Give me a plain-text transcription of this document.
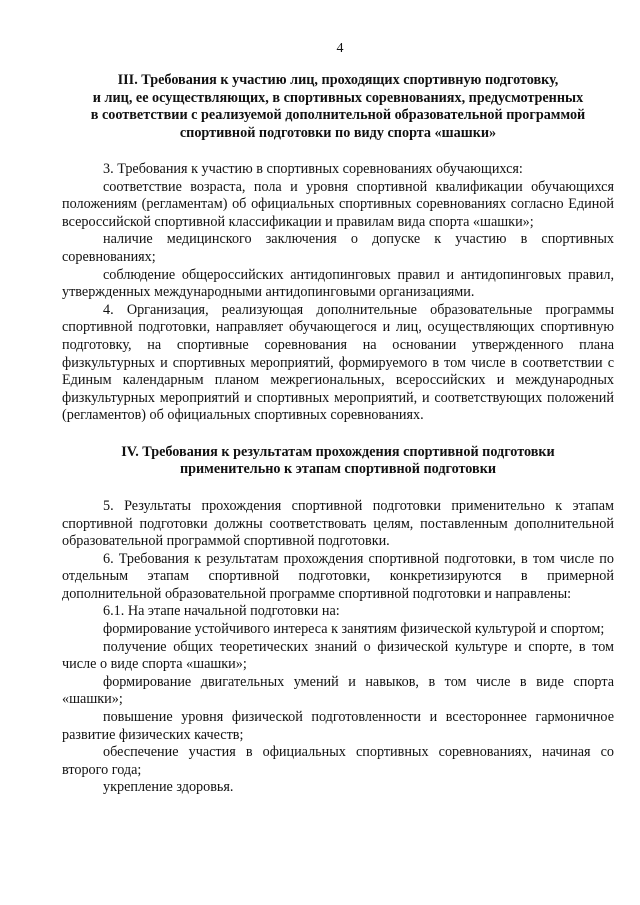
4
III. Требования к участию лиц, проходящих спортивную подготовку,
и лиц, ее осуществляющих, в спортивных соревнованиях, предусмотренных
в соответствии с реализуемой дополнительной образовательной программой
спортивной подготовки по виду спорта «шашки»

3. Требования к участию в спортивных соревнованиях обучающихся:

соответствие возраста, пола и уровня спортивной квалификации обучающихся положениям (регламентам) об официальных спортивных соревнованиях согласно Единой всероссийской спортивной классификации и правилам вида спорта «шашки»;

наличие медицинского заключения о допуске к участию в спортивных соревнованиях;

соблюдение общероссийских антидопинговых правил и антидопинговых правил, утвержденных международными антидопинговыми организациями.

4. Организация, реализующая дополнительные образовательные программы спортивной подготовки, направляет обучающегося и лиц, осуществляющих спортивную подготовку, на спортивные соревнования на основании утвержденного плана физкультурных и спортивных мероприятий, формируемого в том числе в соответствии с Единым календарным планом межрегиональных, всероссийских и международных физкультурных мероприятий и спортивных мероприятий, и соответствующих положений (регламентов) об официальных спортивных соревнованиях.

IV. Требования к результатам прохождения спортивной подготовки
применительно к этапам спортивной подготовки

5. Результаты прохождения спортивной подготовки применительно к этапам спортивной подготовки должны соответствовать целям, поставленным дополнительной образовательной программой спортивной подготовки.

6. Требования к результатам прохождения спортивной подготовки, в том числе по отдельным этапам спортивной подготовки, конкретизируются в примерной дополнительной образовательной программе спортивной подготовки и направлены:

6.1. На этапе начальной подготовки на:

формирование устойчивого интереса к занятиям физической культурой и спортом;

получение общих теоретических знаний о физической культуре и спорте, в том числе о виде спорта «шашки»;

формирование двигательных умений и навыков, в том числе в виде спорта «шашки»;

повышение уровня физической подготовленности и всестороннее гармоничное развитие физических качеств;

обеспечение участия в официальных спортивных соревнованиях, начиная со второго года;

укрепление здоровья.
